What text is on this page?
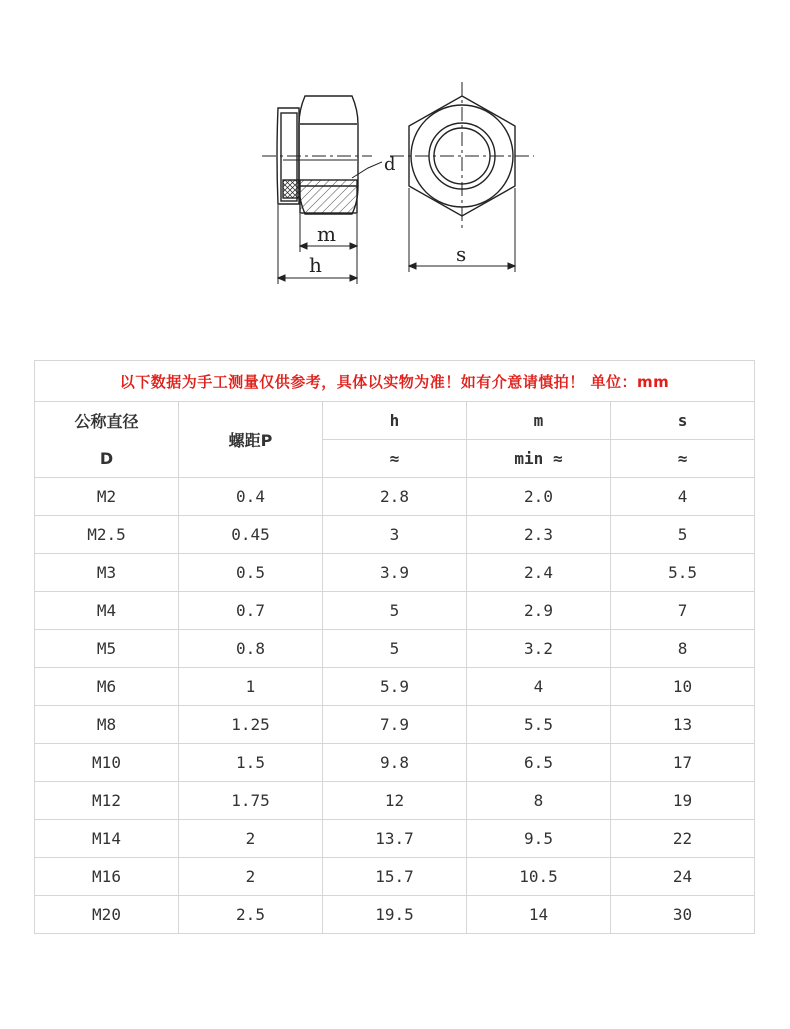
d
m
h	s
以下数据为手工测量仅供参考，具体以实物为准！如有介意请慎拍！ 单位：mm				

公称直径
D	螺距P	h	m	s
		≈	min ≈	≈
M2	0.4	2.8	2.0	4
M2.5	0.45	3	2.3	5
M3	0.5	3.9	2.4	5.5
M4	0.7	5	2.9	7
M5	0.8	5	3.2	8
M6	1	5.9	4	10
M8	1.25	7.9	5.5	13
M10	1.5	9.8	6.5	17
M12	1.75	12	8	19
M14	2	13.7	9.5	22
M16	2	15.7	10.5	24
M20	2.5	19.5	14	30
